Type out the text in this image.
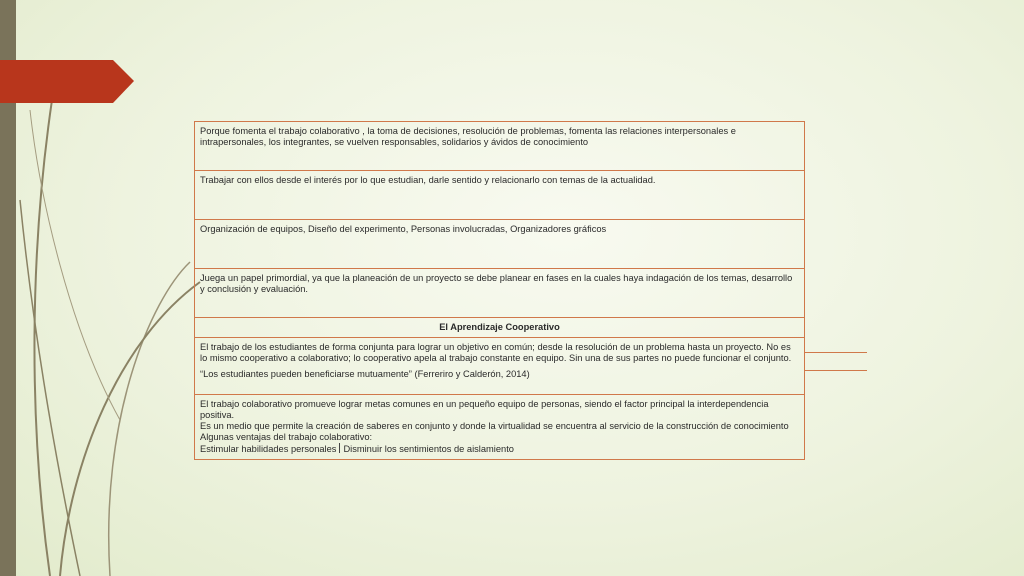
Porque fomenta el trabajo colaborativo , la toma de decisiones, resolución de problemas, fomenta las relaciones interpersonales e intrapersonales, los integrantes, se vuelven responsables, solidarios y ávidos de conocimiento
Trabajar con ellos desde el interés por lo que estudian, darle sentido y relacionarlo con temas de la actualidad.
Organización de equipos, Diseño del experimento, Personas involucradas, Organizadores gráficos
Juega un papel primordial, ya que la planeación de un proyecto se debe planear en fases en la cuales haya indagación de los temas, desarrollo y conclusión y evaluación.
El Aprendizaje Cooperativo
El trabajo de los estudiantes de forma conjunta para lograr un objetivo en común; desde la resolución de un problema hasta un proyecto. No es lo mismo cooperativo a colaborativo; lo cooperativo apela al trabajo constante en equipo. Sin una de sus partes no puede funcionar el conjunto.
“Los estudiantes pueden beneficiarse mutuamente” (Ferreriro y Calderón, 2014)

El trabajo colaborativo promueve lograr metas comunes en un pequeño equipo de personas, siendo el factor principal la interdependencia positiva.
Es un medio que permite la creación de saberes en conjunto y donde la virtualidad se encuentra al servicio de la construcción de conocimiento Algunas ventajas del trabajo colaborativo:
Estimular habilidades personales Disminuir los sentimientos de aislamiento
